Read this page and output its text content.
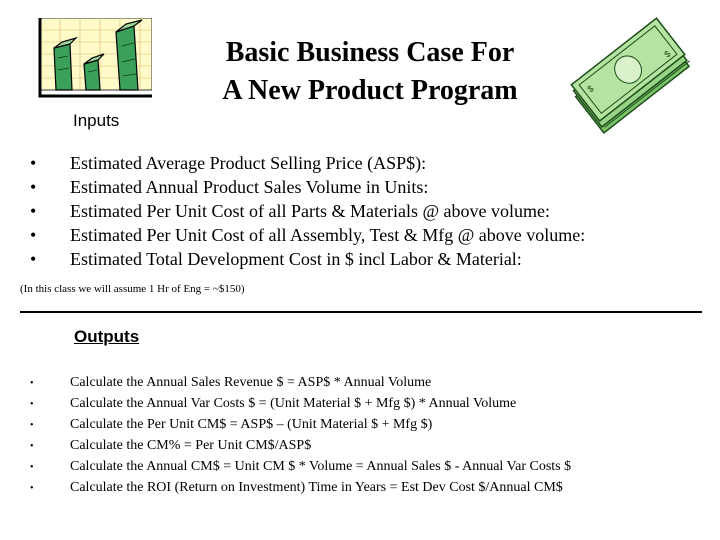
$
$
Basic Business Case For
A New Product Program
Inputs
• Estimated Average Product Selling Price (ASP$):
• Estimated Annual Product Sales Volume in Units:
• Estimated Per Unit Cost of all Parts & Materials @ above volume:
• Estimated Per Unit Cost of all Assembly, Test & Mfg @ above volume:
• Estimated Total Development Cost in $ incl Labor & Material:
(In this class we will assume 1 Hr of Eng = ~$150)
Outputs
•	Calculate the Annual Sales Revenue $ = ASP$ * Annual Volume
•	Calculate the Annual Var Costs $ = (Unit Material $ + Mfg $) * Annual Volume
•	Calculate the Per Unit CM$ = ASP$ – (Unit Material $ + Mfg $)
•	Calculate the CM% = Per Unit CM$/ASP$
•	Calculate the Annual CM$ = Unit CM $ * Volume = Annual Sales $ - Annual Var Costs $
•	Calculate the ROI (Return on Investment) Time in Years = Est Dev Cost $/Annual CM$
